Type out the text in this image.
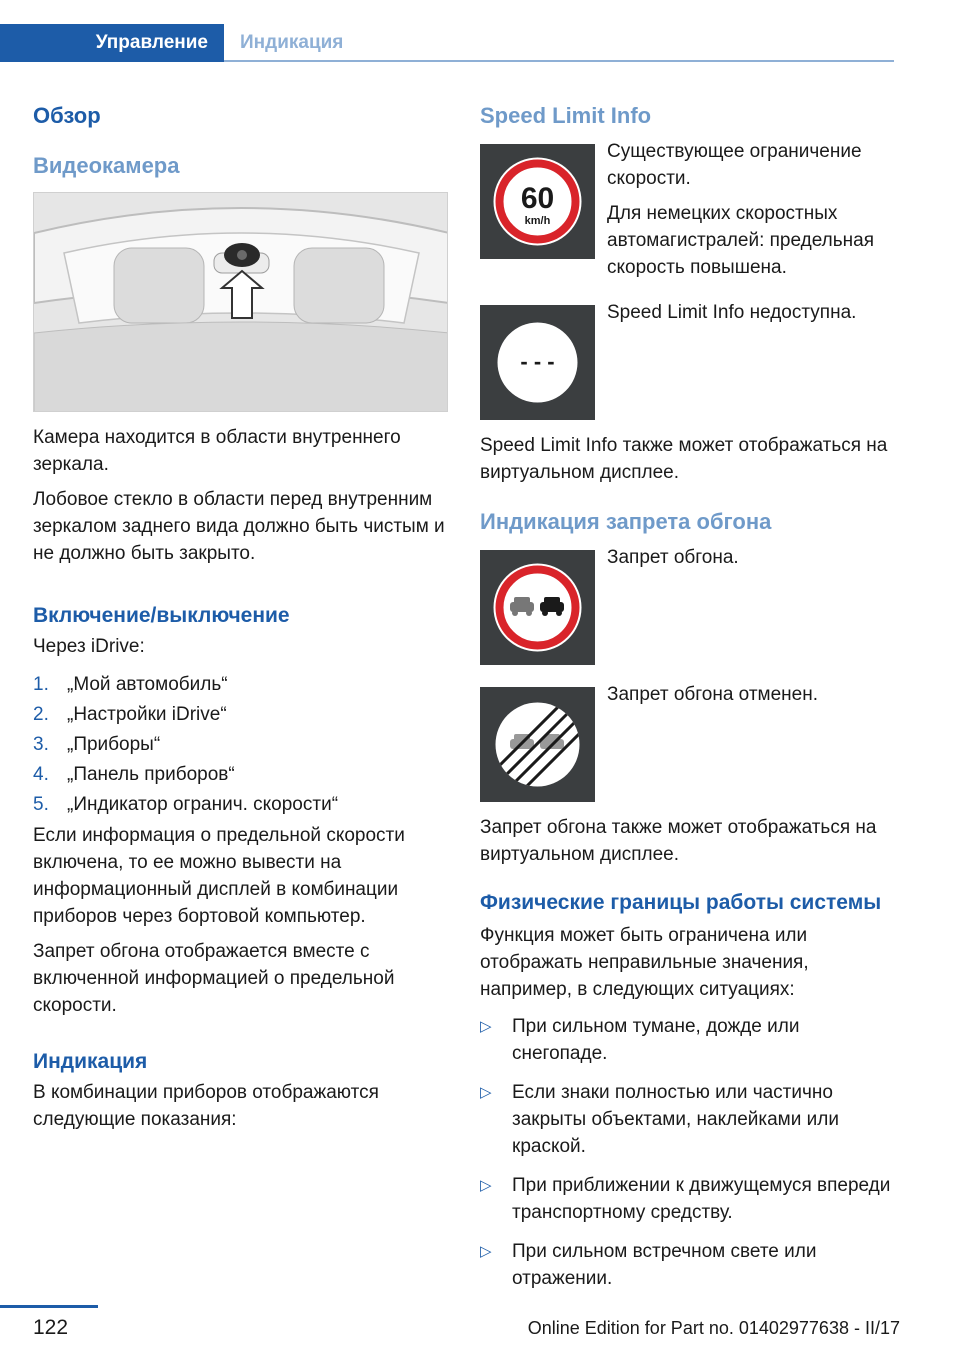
Управление	Индикация
Обзор
Видеокамера

Камера находится в области внутреннего зеркала.

Лобовое стекло в области перед внутренним зеркалом заднего вида должно быть чистым и не должно быть закрыто.

Включение/выключение

Через iDrive:

1. „Мой автомобиль“
2. „Настройки iDrive“
3. „Приборы“
4. „Панель приборов“
5. „Индикатор огранич. скорости“

Если информация о предельной скорости включена, то ее можно вывести на информационный дисплей в комбинации приборов через бортовой компьютер.

Запрет обгона отображается вместе с включенной информацией о предельной скорости.

Индикация

В комбинации приборов отображаются следующие показания:

Speed Limit Info
60
km/h

Существующее ограничение скорости.

Для немецких скоростных автомагистралей: предельная скорость повышена.

- - -

Speed Limit Info недоступна.

Speed Limit Info также может отображаться на виртуальном дисплее.

Индикация запрета обгона

Запрет обгона.

Запрет обгона отменен.

Запрет обгона также может отображаться на виртуальном дисплее.

Физические границы работы системы

Функция может быть ограничена или отображать неправильные значения, например, в следующих ситуациях:

▷	При сильном тумане, дожде или снегопаде.
▷	Если знаки полностью или частично закрыты объектами, наклейками или краской.
▷	При приближении к движущемуся впереди транспортному средству.
▷	При сильном встречном свете или отражении.
122	Online Edition for Part no. 01402977638 - II/17
